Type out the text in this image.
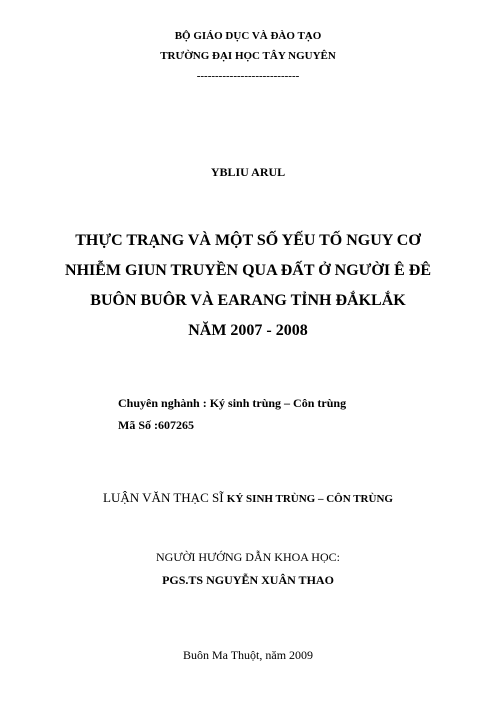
BỘ GIÁO DỤC VÀ ĐÀO TẠO
TRƯỜNG ĐẠI HỌC TÂY NGUYÊN
----------------------------
YBLIU ARUL
THỰC TRẠNG VÀ MỘT SỐ YẾU TỐ NGUY CƠ
NHIỄM GIUN TRUYỀN QUA ĐẤT Ở NGƯỜI Ê ĐÊ
BUÔN BUÔR VÀ EARANG TỈNH ĐẮKLẮK
NĂM 2007 - 2008
Chuyên nghành : Ký sinh trùng – Côn trùng
Mã Số :607265
LUẬN VĂN THẠC SĨ KÝ SINH TRÙNG – CÔN TRÙNG
NGƯỜI HƯỚNG DẪN KHOA HỌC:
PGS.TS NGUYỄN XUÂN THAO
Buôn Ma Thuột, năm 2009
